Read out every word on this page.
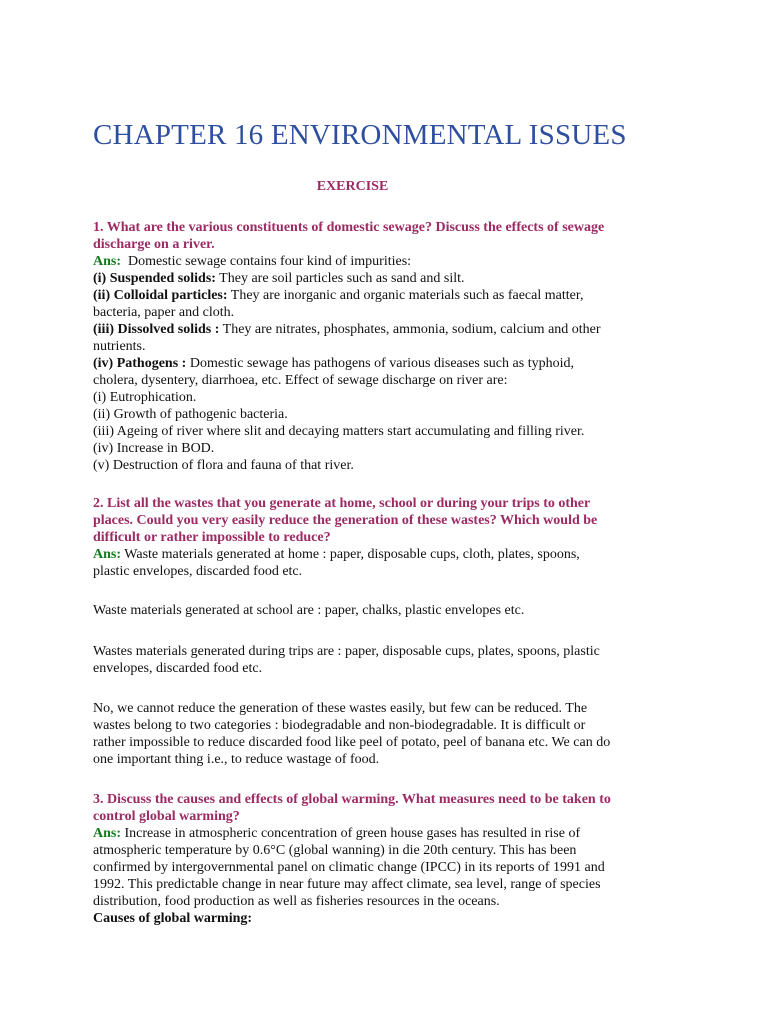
CHAPTER 16 ENVIRONMENTAL ISSUES
EXERCISE
1. What are the various constituents of domestic sewage? Discuss the effects of sewage
discharge on a river.
Ans:  Domestic sewage contains four kind of impurities:
(i) Suspended solids: They are soil particles such as sand and silt.
(ii) Colloidal particles: They are inorganic and organic materials such as faecal matter,
bacteria, paper and cloth.
(iii) Dissolved solids : They are nitrates, phosphates, ammonia, sodium, calcium and other
nutrients.
(iv) Pathogens : Domestic sewage has pathogens of various diseases such as typhoid,
cholera, dysentery, diarrhoea, etc. Effect of sewage discharge on river are:
(i) Eutrophication.
(ii) Growth of pathogenic bacteria.
(iii) Ageing of river where slit and decaying matters start accumulating and filling river.
(iv) Increase in BOD.
(v) Destruction of flora and fauna of that river.
2. List all the wastes that you generate at home, school or during your trips to other
places. Could you very easily reduce the generation of these wastes? Which would be
difficult or rather impossible to reduce?
Ans: Waste materials generated at home : paper, disposable cups, cloth, plates, spoons,
plastic envelopes, discarded food etc.
Waste materials generated at school are : paper, chalks, plastic envelopes etc.
Wastes materials generated during trips are : paper, disposable cups, plates, spoons, plastic
envelopes, discarded food etc.
No, we cannot reduce the generation of these wastes easily, but few can be reduced. The
wastes belong to two categories : biodegradable and non-biodegradable. It is difficult or
rather impossible to reduce discarded food like peel of potato, peel of banana etc. We can do
one important thing i.e., to reduce wastage of food.
3. Discuss the causes and effects of global warming. What measures need to be taken to
control global warming?
Ans: Increase in atmospheric concentration of green house gases has resulted in rise of
atmospheric temperature by 0.6°C (global wanning) in die 20th century. This has been
confirmed by intergovernmental panel on climatic change (IPCC) in its reports of 1991 and
1992. This predictable change in near future may affect climate, sea level, range of species
distribution, food production as well as fisheries resources in the oceans.
Causes of global warming:
